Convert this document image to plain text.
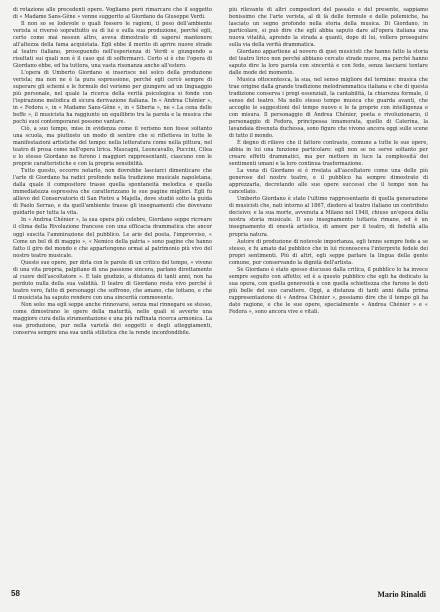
di rotazione alle precedenti opere. Vogliamo però rimarcare che il soggetto di « Madame Sans-Gêne » venne suggerito al Giordano da Giuseppe Verdi.

Il non so se lodevole o quali fossero le ragioni, il peso dell'ambiente verista si riversò soprattutto su di lui e sulla sua produzione, perché egli, certo come mai nessun altro, aveva dimostrato di sapersi mantenere all'altezza della fama acquistata. Egli ebbe il merito di aprire nuove strade al teatro italiano, proseguendo nell'esperienza di Verdi e giungendo a risultati sui quali non è il caso qui di soffermarci. Certo si è che l'opera di Giordano ebbe, ed ha tuttora, una vasta risonanza anche all'estero.

L'opera di Umberto Giordano si inserisce nel solco della produzione verista; ma non ne è la pura espressione, perché egli cercò sempre di superare gli schemi e le formule del verismo per giungere ad un linguaggio più personale, nel quale la ricerca della verità psicologica si fonde con l'ispirazione melodica di sicura derivazione italiana. In « Andrea Chénier », in « Fedora », in « Madame Sans-Gêne », in « Siberia », ne « La cena delle beffe », il musicista ha raggiunto un equilibrio tra la parola e la musica che pochi suoi contemporanei possono vantare.

Ciò, a suo tempo, mise in evidenza come il verismo non fosse soltanto una scuola, ma piuttosto un modo di sentire che si rifletteva in tutte le manifestazioni artistiche del tempo: nella letteratura come nella pittura, nel teatro di prosa come nell'opera lirica. Mascagni, Leoncavallo, Puccini, Cilea e lo stesso Giordano ne furono i maggiori rappresentanti, ciascuno con le proprie caratteristiche e con la propria sensibilità.

Tutto questo, occorre notarlo, non dovrebbe lasciarci dimenticare che l'arte di Giordano ha radici profonde nella tradizione musicale napoletana, dalla quale il compositore trasse quella spontaneità melodica e quella immediatezza espressiva che caratterizzano le sue pagine migliori. Egli fu allievo del Conservatorio di San Pietro a Majella, dove studiò sotto la guida di Paolo Serrao, e da quell'ambiente trasse gli insegnamenti che dovevano guidarlo per tutta la vita.

In « Andrea Chénier », la sua opera più celebre, Giordano seppe ricreare il clima della Rivoluzione francese con una efficacia drammatica che ancor oggi suscita l'ammirazione del pubblico. Le arie del poeta, l'improvviso, « Come un bel dì di maggio », « Nemico della patria » sono pagine che hanno fatto il giro del mondo e che appartengono ormai al patrimonio più vivo del nostro teatro musicale.

Queste sue opere, per dirla con le parole di un critico del tempo, « vivono di una vita propria, palpitano di una passione sincera, parlano direttamente al cuore dell'ascoltatore ». E tale giudizio, a distanza di tanti anni, non ha perduto nulla della sua validità. Il teatro di Giordano resta vivo perché è teatro vero, fatto di personaggi che soffrono, che amano, che lottano, e che il musicista ha saputo rendere con una sincerità commovente.

Non solo: ma egli seppe anche rinnovarsi, senza mai rinnegare se stesso, come dimostrano le opere della maturità, nelle quali si avverte una maggiore cura della strumentazione e una più raffinata ricerca armonica. La sua produzione, pur nella varietà dei soggetti e degli atteggiamenti, conserva sempre una sua unità stilistica che la rende inconfondibile.

più rilevante di altri compositori del passato e del presente, sappiamo benissimo che l'arte verista, al di là delle formule e delle polemiche, ha lasciato un segno profondo nella storia della musica. Di Giordano, in particolare, si può dire che egli abbia saputo dare all'opera italiana una nuova vitalità, aprendo la strada a quanti, dopo di lui, vollero proseguire sulla via della verità drammatica.

Giordano appartiene al novero di quei musicisti che hanno fatto la storia del teatro lirico non perché abbiano cercato strade nuove, ma perché hanno saputo dire la loro parola con sincerità e con fede, senza lasciarsi tentare dalle mode del momento.

Musica ottocentesca, la sua, nel senso migliore del termine: musica che trae origine dalla grande tradizione melodrammatica italiana e che di questa tradizione conserva i pregi essenziali, la cantabilità, la chiarezza formale, il senso del teatro. Ma nello stesso tempo musica che guarda avanti, che accoglie le suggestioni del tempo nuovo e le fa proprie con intelligenza e con misura. Il personaggio di Andrea Chénier, poeta e rivoluzionario, il personaggio di Fedora, principessa innamorata, quello di Caterina, la lavandaia divenuta duchessa, sono figure che vivono ancora oggi sulle scene di tutto il mondo.

È degno di rilievo che il fattore contrasto, comune a tutte le sue opere, abbia in lui una funzione particolare: egli non se ne serve soltanto per creare effetti drammatici, ma per mettere in luce la complessità dei sentimenti umani e la loro continua trasformazione.

La vena di Giordano si è rivelata all'ascoltatore come una delle più generose del nostro teatro, e il pubblico ha sempre dimostrato di apprezzarla, decretando alle sue opere successi che il tempo non ha cancellato.

Umberto Giordano è stato l'ultimo rappresentante di quella generazione di musicisti che, nati intorno al 1867, diedero al teatro italiano un contributo decisivo; e la sua morte, avvenuta a Milano nel 1948, chiuse un'epoca della nostra storia musicale. Il suo insegnamento tuttavia rimane, ed è un insegnamento di onestà artistica, di amore per il teatro, di fedeltà alla propria natura.

Autore di produzione di notevole importanza, egli tenne sempre fede a se stesso, e fu amato dal pubblico che in lui riconosceva l'interprete fedele dei propri sentimenti. Più di altri, egli seppe parlare la lingua della gente comune, pur conservando la dignità dell'artista.

Se Giordano è stato spesso discusso dalla critica, il pubblico lo ha invece sempre seguito con affetto; ed è a questo pubblico che egli ha dedicato la sua opera, con quella generosità e con quella schiettezza che furono le doti più belle del suo carattere. Oggi, a distanza di tanti anni dalla prima rappresentazione di « Andrea Chénier », possiamo dire che il tempo gli ha dato ragione, e che le sue opere, specialmente « Andrea Chénier » e « Fedora », sono ancora vive e vitali.

58	Mario Rinaldi
